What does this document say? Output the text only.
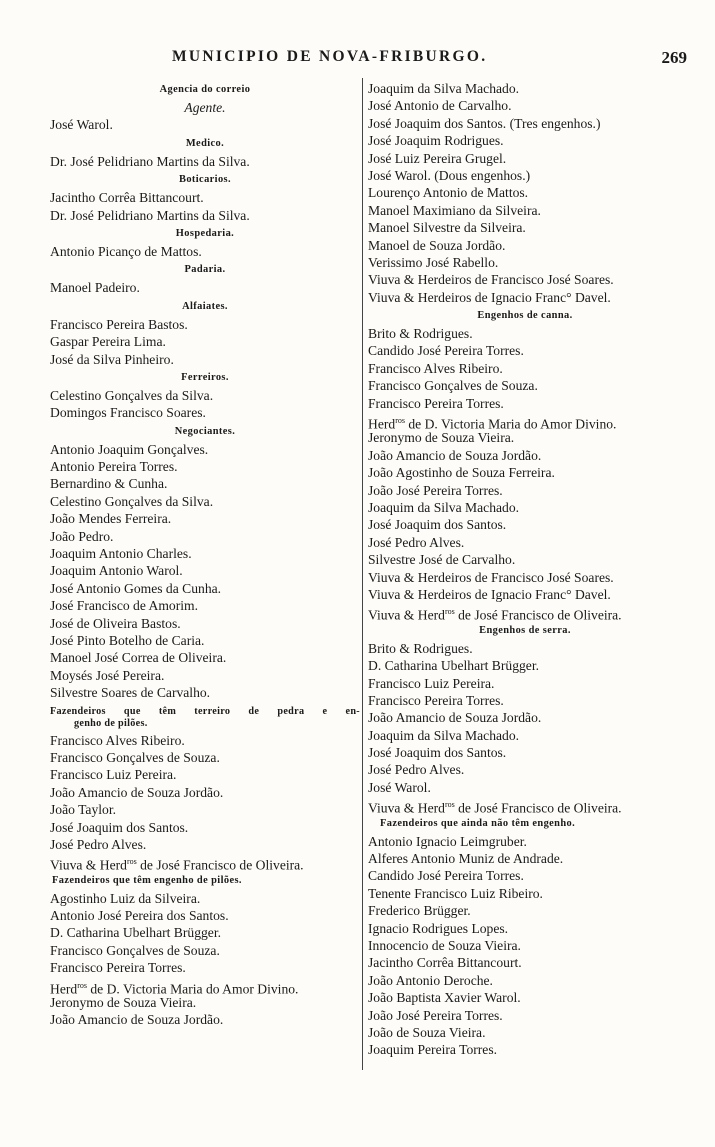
MUNICIPIO DE NOVA-FRIBURGO.	269
Agencia do correio
Agente.
José Warol.
Medico.
Dr. José Pelidriano Martins da Silva.
Boticarios.
Jacintho Corrêa Bittancourt.
Dr. José Pelidriano Martins da Silva.
Hospedaria.
Antonio Picanço de Mattos.
Padaria.
Manoel Padeiro.
Alfaiates.
Francisco Pereira Bastos.
Gaspar Pereira Lima.
José da Silva Pinheiro.
Ferreiros.
Celestino Gonçalves da Silva.
Domingos Francisco Soares.
Negociantes.
Antonio Joaquim Gonçalves.
Antonio Pereira Torres.
Bernardino & Cunha.
Celestino Gonçalves da Silva.
João Mendes Ferreira.
João Pedro.
Joaquim Antonio Charles.
Joaquim Antonio Warol.
José Antonio Gomes da Cunha.
José Francisco de Amorim.
José de Oliveira Bastos.
José Pinto Botelho de Caria.
Manoel José Correa de Oliveira.
Moysés José Pereira.
Silvestre Soares de Carvalho.
Fazendeiros que têm terreiro de pedra e en-
genho de pilões.
Francisco Alves Ribeiro.
Francisco Gonçalves de Souza.
Francisco Luiz Pereira.
João Amancio de Souza Jordão.
João Taylor.
José Joaquim dos Santos.
José Pedro Alves.
Viuva & Herd$^{ros}$ de José Francisco de Oliveira.
Fazendeiros que têm engenho de pilões.
Agostinho Luiz da Silveira.
Antonio José Pereira dos Santos.
D. Catharina Ubelhart Brügger.
Francisco Gonçalves de Souza.
Francisco Pereira Torres.
Herd$^{ros}$ de D. Victoria Maria do Amor Divino.
Jeronymo de Souza Vieira.
João Amancio de Souza Jordão.
Joaquim da Silva Machado.
José Antonio de Carvalho.
José Joaquim dos Santos. (Tres engenhos.)
José Joaquim Rodrigues.
José Luiz Pereira Grugel.
José Warol. (Dous engenhos.)
Lourenço Antonio de Mattos.
Manoel Maximiano da Silveira.
Manoel Silvestre da Silveira.
Manoel de Souza Jordão.
Verissimo José Rabello.
Viuva & Herdeiros de Francisco José Soares.
Viuva & Herdeiros de Ignacio Franc° Davel.
Engenhos de canna.
Brito & Rodrigues.
Candido José Pereira Torres.
Francisco Alves Ribeiro.
Francisco Gonçalves de Souza.
Francisco Pereira Torres.
Herd$^{ros}$ de D. Victoria Maria do Amor Divino.
Jeronymo de Souza Vieira.
João Amancio de Souza Jordão.
João Agostinho de Souza Ferreira.
João José Pereira Torres.
Joaquim da Silva Machado.
José Joaquim dos Santos.
José Pedro Alves.
Silvestre José de Carvalho.
Viuva & Herdeiros de Francisco José Soares.
Viuva & Herdeiros de Ignacio Franc° Davel.
Viuva & Herd$^{ros}$ de José Francisco de Oliveira.
Engenhos de serra.
Brito & Rodrigues.
D. Catharina Ubelhart Brügger.
Francisco Luiz Pereira.
Francisco Pereira Torres.
João Amancio de Souza Jordão.
Joaquim da Silva Machado.
José Joaquim dos Santos.
José Pedro Alves.
José Warol.
Viuva & Herd$^{ros}$ de José Francisco de Oliveira.
Fazendeiros que ainda não têm engenho.
Antonio Ignacio Leimgruber.
Alferes Antonio Muniz de Andrade.
Candido José Pereira Torres.
Tenente Francisco Luiz Ribeiro.
Frederico Brügger.
Ignacio Rodrigues Lopes.
Innocencio de Souza Vieira.
Jacintho Corrêa Bittancourt.
João Antonio Deroche.
João Baptista Xavier Warol.
João José Pereira Torres.
João de Souza Vieira.
Joaquim Pereira Torres.
